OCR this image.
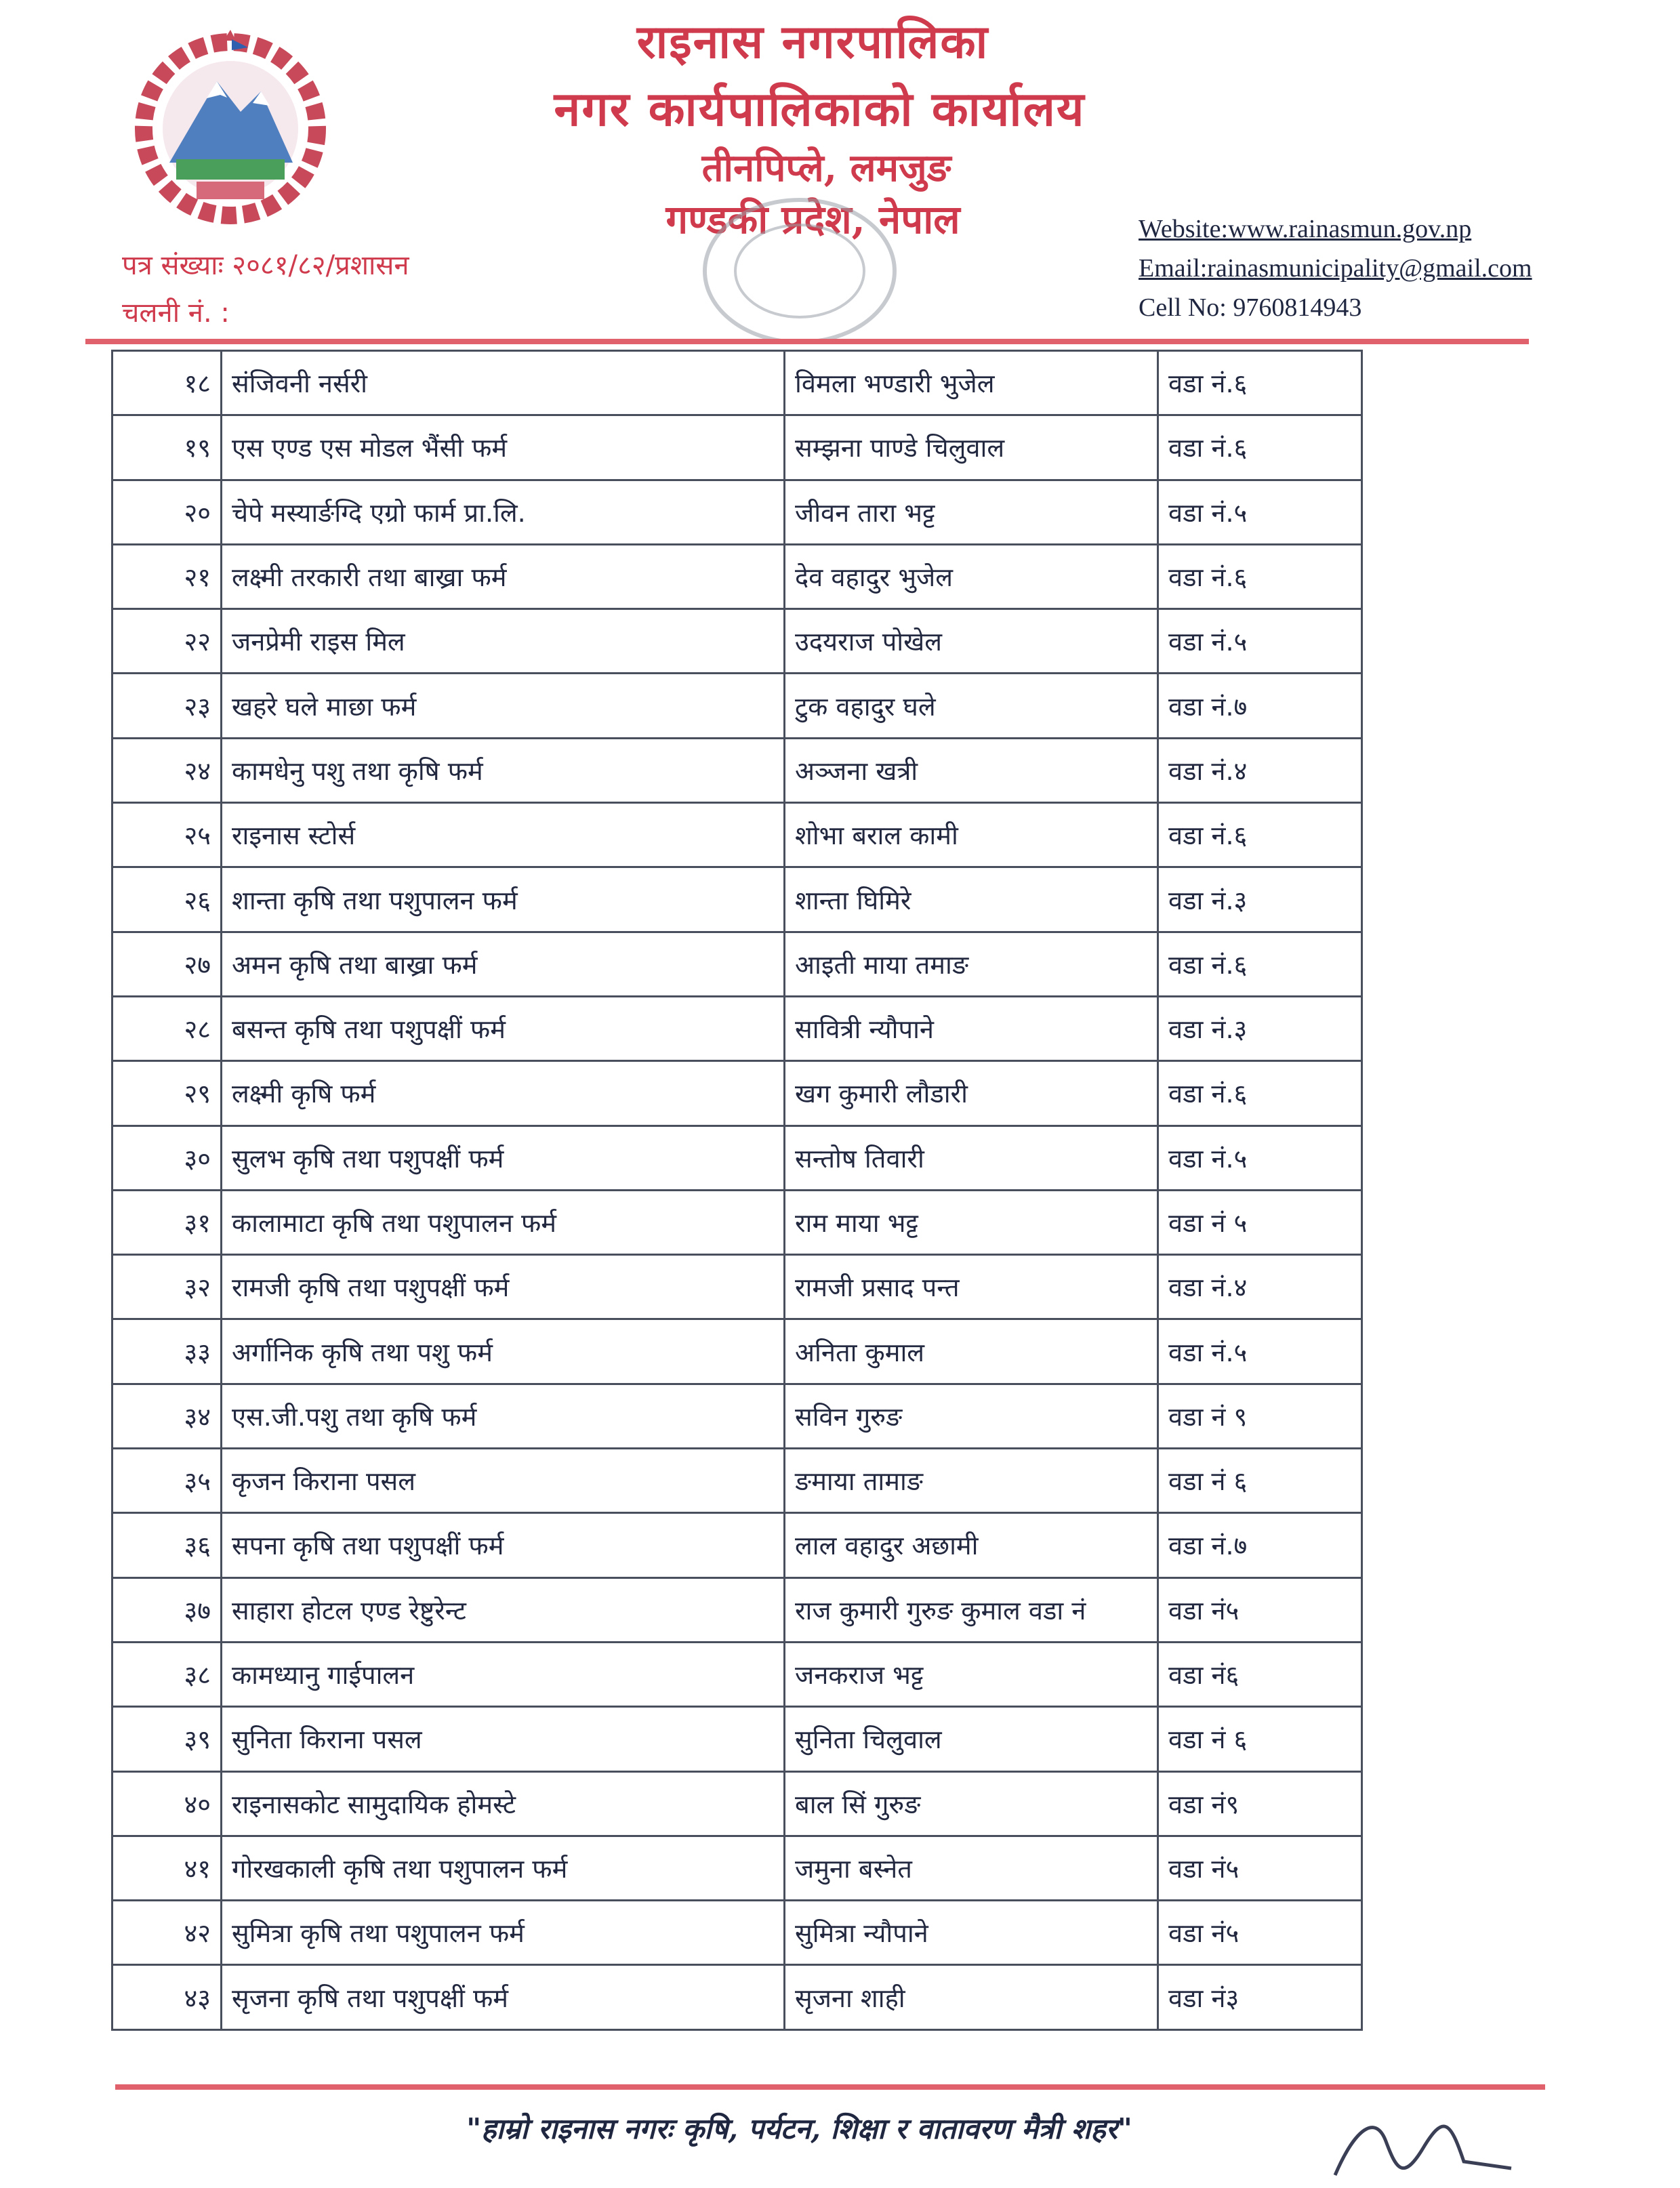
राइनास नगरपालिका
नगर कार्यपालिकाको कार्यालय
तीनपिप्ले, लमजुङ
गण्डकी प्रदेश, नेपाल
पत्र संख्याः २०८१/८२/प्रशासन
चलनी नं. :
Website:www.rainasmun.gov.np
Email:rainasmunicipality@gmail.com
Cell No: 9760814943
१८	संजिवनी नर्सरी	विमला भण्डारी भुजेल	वडा नं.६
१९	एस एण्ड एस मोडल भैंसी फर्म	सम्झना पाण्डे चिलुवाल	वडा नं.६
२०	चेपे मस्यार्ङग्दि एग्रो फार्म प्रा.लि.	जीवन तारा भट्ट	वडा नं.५
२१	लक्ष्मी तरकारी तथा बाख्रा फर्म	देव वहादुर भुजेल	वडा नं.६
२२	जनप्रेमी राइस मिल	उदयराज पोखेल	वडा नं.५
२३	खहरे घले माछा फर्म	टुक वहादुर घले	वडा नं.७
२४	कामधेनु पशु तथा कृषि फर्म	अञ्जना खत्री	वडा नं.४
२५	राइनास स्टोर्स	शोभा बराल कामी	वडा नं.६
२६	शान्ता कृषि तथा पशुपालन फर्म	शान्ता घिमिरे	वडा नं.३
२७	अमन कृषि तथा बाख्रा फर्म	आइती माया तमाङ	वडा नं.६
२८	बसन्त कृषि तथा पशुपक्षीं फर्म	सावित्री न्यौपाने	वडा नं.३
२९	लक्ष्मी कृषि फर्म	खग कुमारी लौडारी	वडा नं.६
३०	सुलभ कृषि तथा पशुपक्षीं फर्म	सन्तोष तिवारी	वडा नं.५
३१	कालामाटा कृषि तथा पशुपालन फर्म	राम माया भट्ट	वडा नं ५
३२	रामजी कृषि तथा पशुपक्षीं फर्म	रामजी प्रसाद पन्त	वडा नं.४
३३	अर्गानिक कृषि तथा पशु फर्म	अनिता कुमाल	वडा नं.५
३४	एस.जी.पशु तथा कृषि फर्म	सविन गुरुङ	वडा नं ९
३५	कृजन किराना पसल	ङमाया तामाङ	वडा नं ६
३६	सपना कृषि तथा पशुपक्षीं फर्म	लाल वहादुर अछामी	वडा नं.७
३७	साहारा होटल एण्ड रेष्टुरेन्ट	राज कुमारी गुरुङ कुमाल वडा नं	वडा नं५
३८	कामध्यानु गाईपालन	जनकराज भट्ट	वडा नं६
३९	सुनिता किराना पसल	सुनिता चिलुवाल	वडा नं ६
४०	राइनासकोट सामुदायिक होमस्टे	बाल सिं गुरुङ	वडा नं९
४१	गोरखकाली कृषि तथा पशुपालन फर्म	जमुना बस्नेत	वडा नं५
४२	सुमित्रा कृषि तथा पशुपालन फर्म	सुमित्रा न्यौपाने	वडा नं५
४३	सृजना कृषि तथा पशुपक्षीं फर्म	सृजना शाही	वडा नं३
"हाम्रो राइनास नगरः कृषि, पर्यटन, शिक्षा र वातावरण मैत्री शहर"
